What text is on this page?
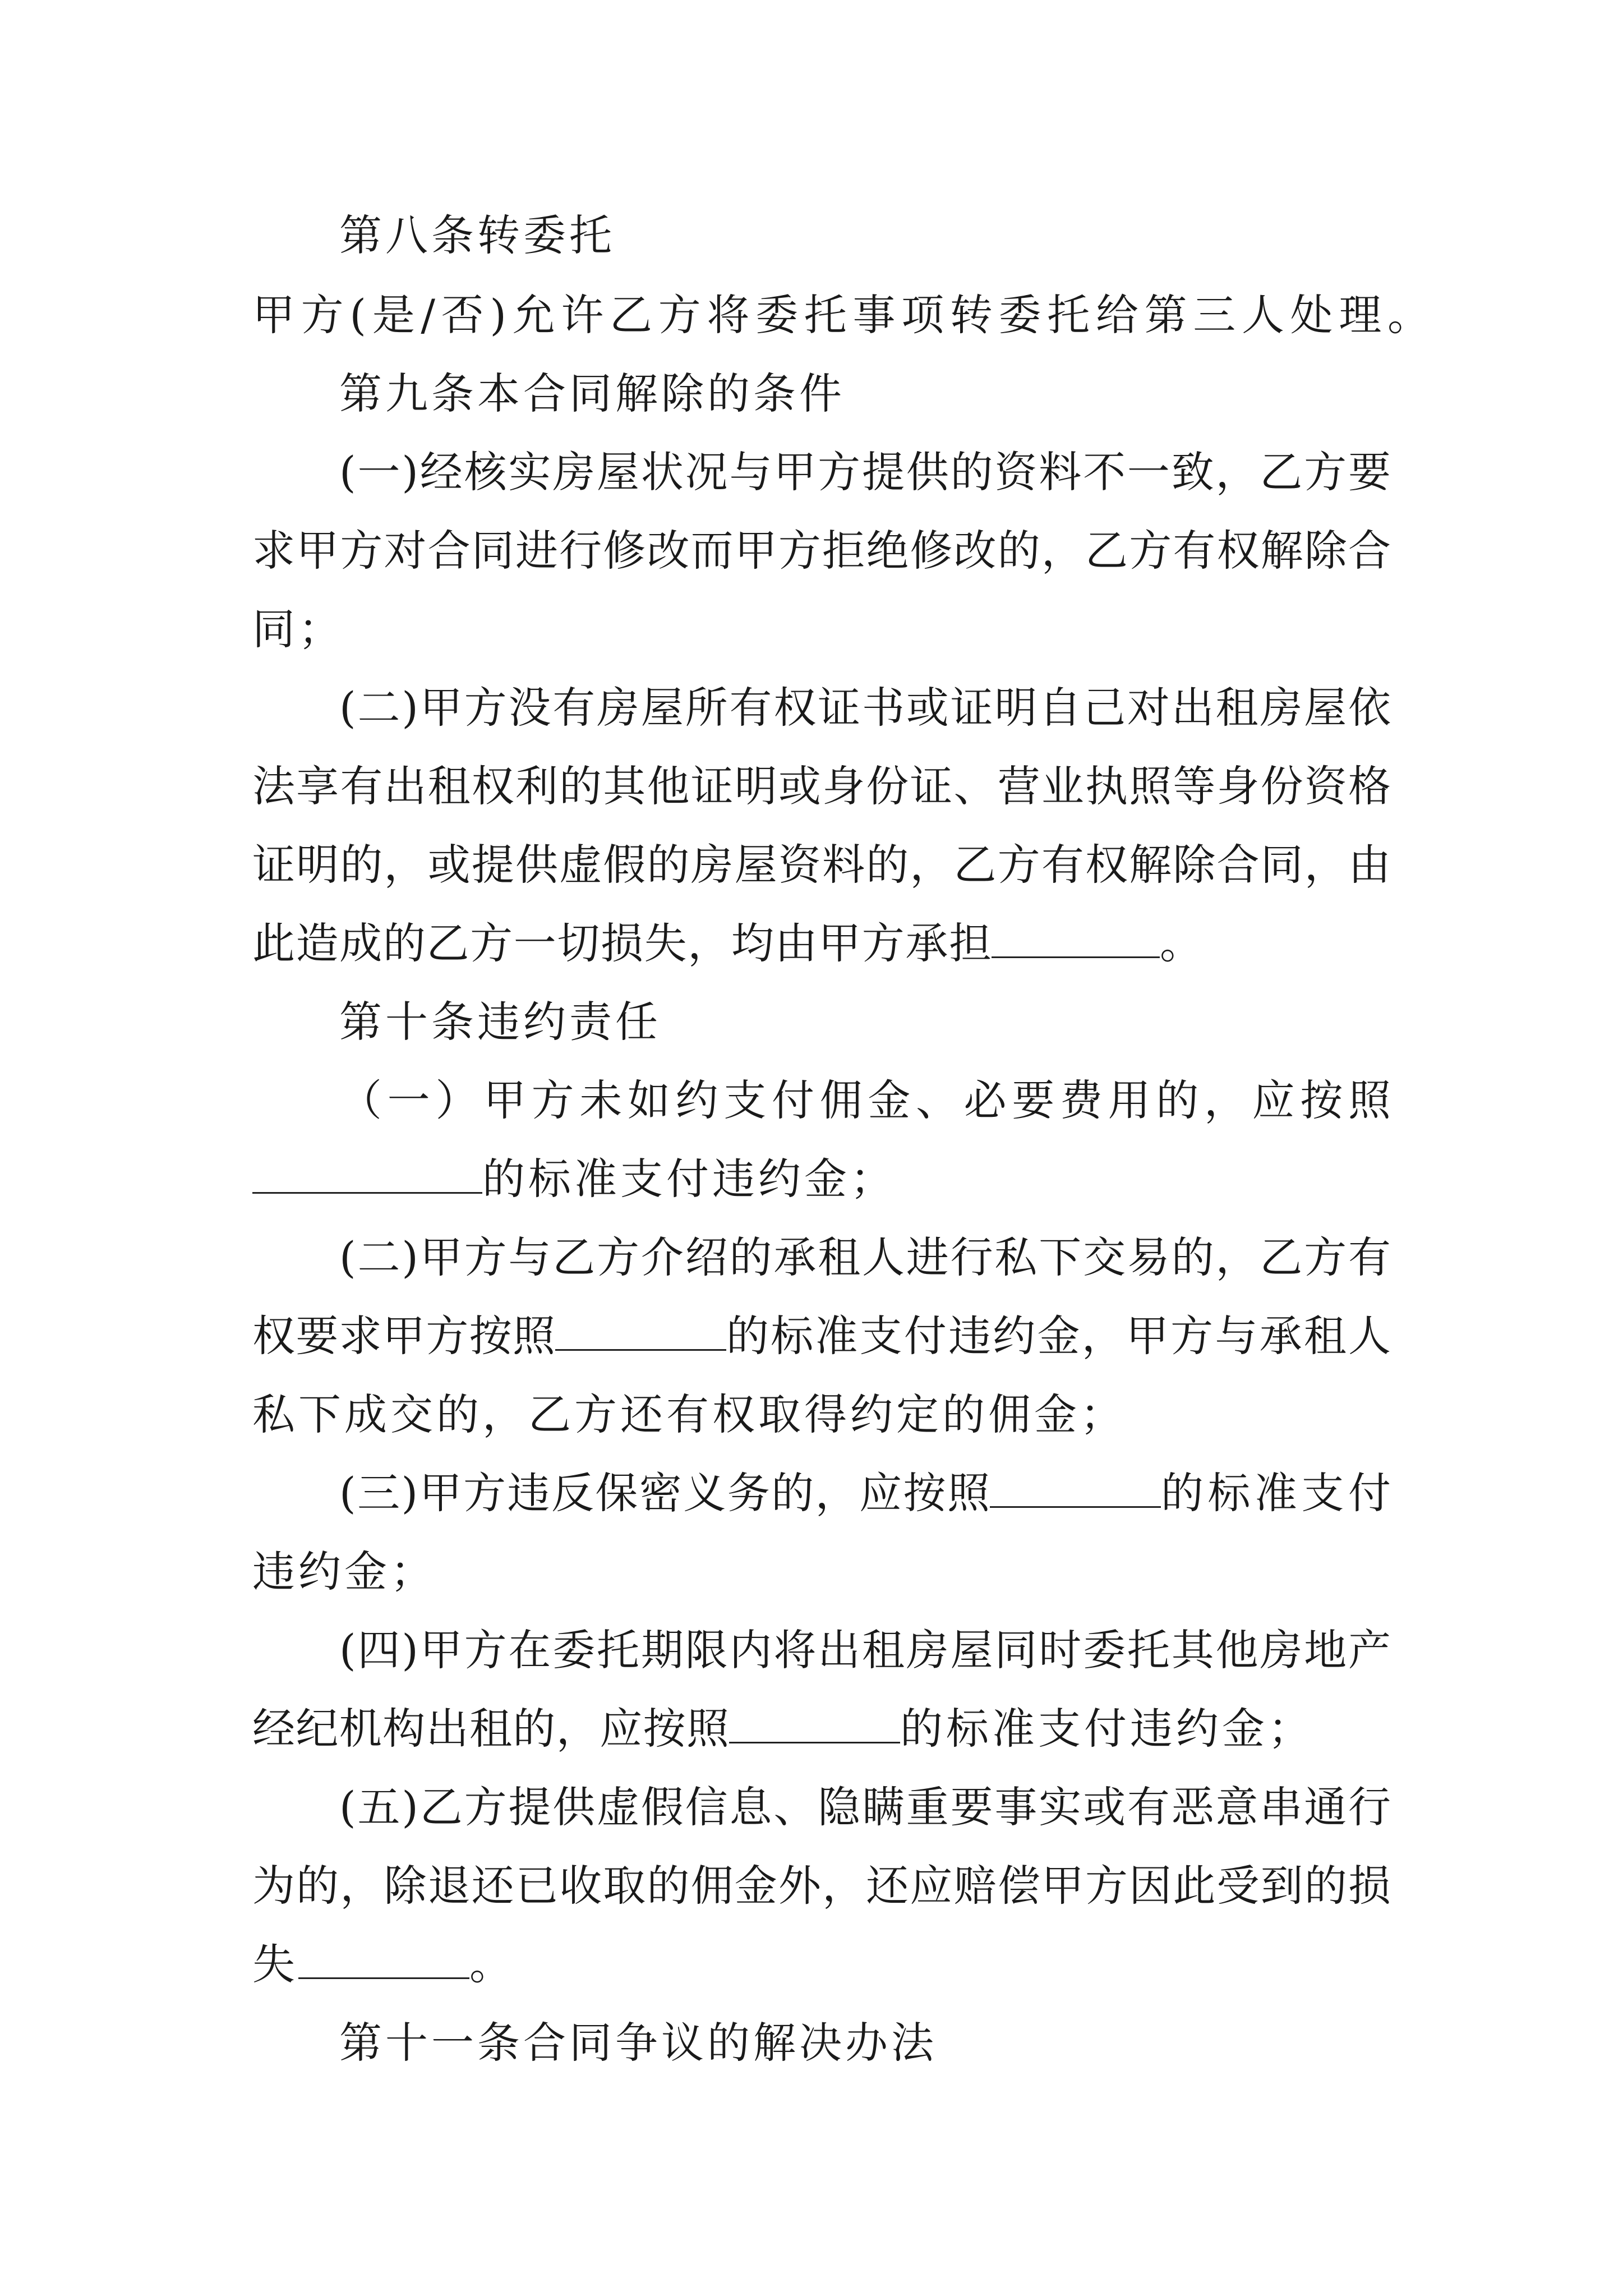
第八条转委托
甲方(是/否)允许乙方将委托事项转委托给第三人处理。
第九条本合同解除的条件
(一)经核实房屋状况与甲方提供的资料不一致，乙方要
求甲方对合同进行修改而甲方拒绝修改的，乙方有权解除合
同；
(二)甲方没有房屋所有权证书或证明自己对出租房屋依
法享有出租权利的其他证明或身份证、营业执照等身份资格
证明的，或提供虚假的房屋资料的，乙方有权解除合同，由
此造成的乙方一切损失，均由甲方承担	。
第十条违约责任
（一）甲方未如约支付佣金、必要费用的，应按照
的标准支付违约金；
(二)甲方与乙方介绍的承租人进行私下交易的，乙方有
权要求甲方按照	的标准支付违约金，甲方与承租人
私下成交的，乙方还有权取得约定的佣金；
(三)甲方违反保密义务的，应按照	的标准支付
违约金；
(四)甲方在委托期限内将出租房屋同时委托其他房地产
经纪机构出租的，应按照	的标准支付违约金；
(五)乙方提供虚假信息、隐瞒重要事实或有恶意串通行
为的，除退还已收取的佣金外，还应赔偿甲方因此受到的损
失	。
第十一条合同争议的解决办法
